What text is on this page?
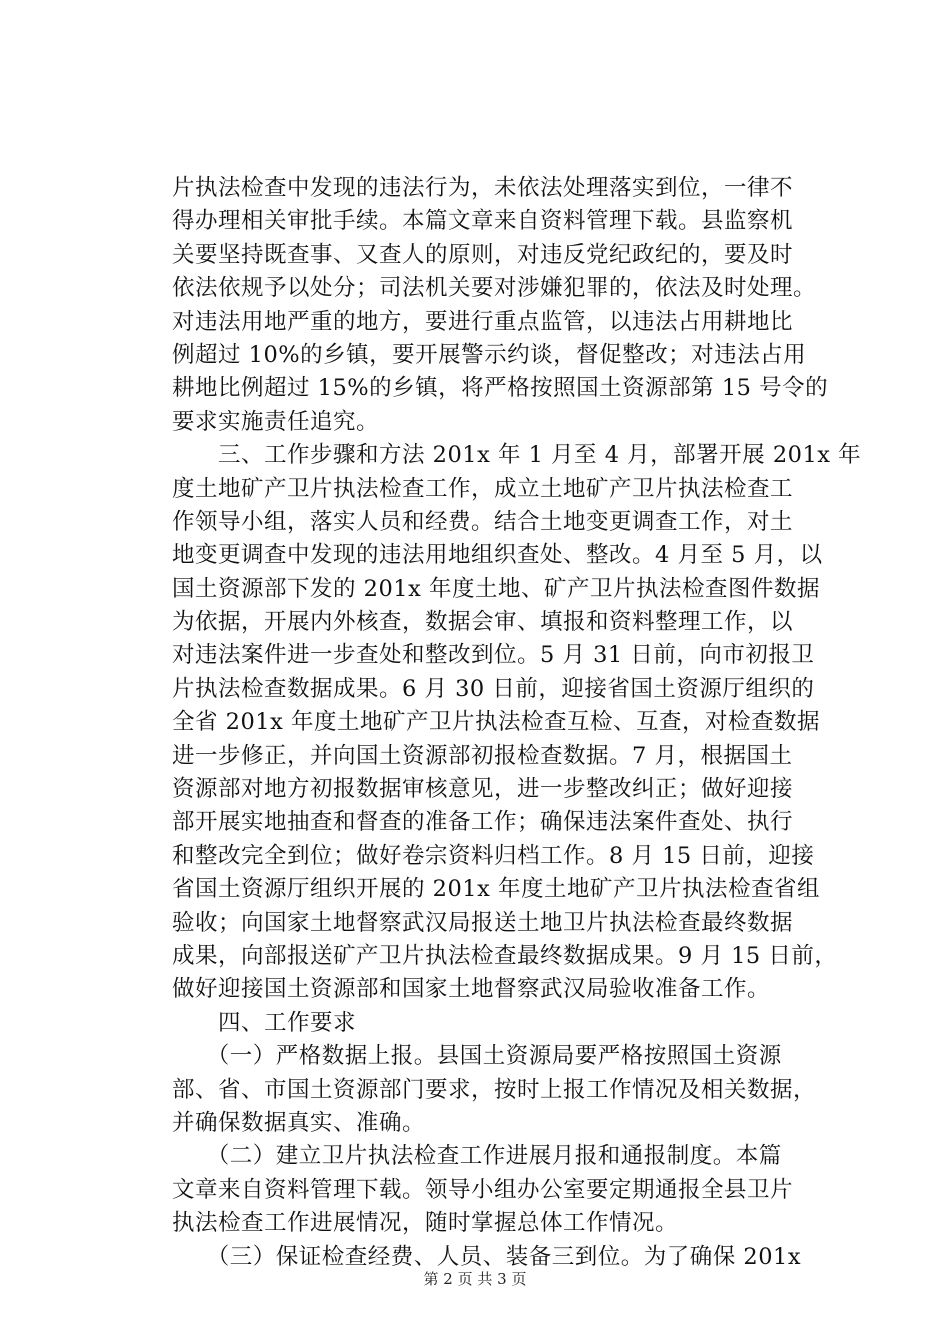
片执法检查中发现的违法行为，未依法处理落实到位，一律不
得办理相关审批手续。本篇文章来自资料管理下载。县监察机
关要坚持既查事、又查人的原则，对违反党纪政纪的，要及时
依法依规予以处分；司法机关要对涉嫌犯罪的，依法及时处理。
对违法用地严重的地方，要进行重点监管，以违法占用耕地比
例超过 10%的乡镇，要开展警示约谈，督促整改；对违法占用
耕地比例超过 15%的乡镇，将严格按照国土资源部第 15 号令的
要求实施责任追究。
　　三、工作步骤和方法 201x 年 1 月至 4 月，部署开展 201x 年
度土地矿产卫片执法检查工作，成立土地矿产卫片执法检查工
作领导小组，落实人员和经费。结合土地变更调查工作，对土
地变更调查中发现的违法用地组织查处、整改。4 月至 5 月，以
国土资源部下发的 201x 年度土地、矿产卫片执法检查图件数据
为依据，开展内外核查，数据会审、填报和资料整理工作，以
对违法案件进一步查处和整改到位。5 月 31 日前，向市初报卫
片执法检查数据成果。6 月 30 日前，迎接省国土资源厅组织的
全省 201x 年度土地矿产卫片执法检查互检、互查，对检查数据
进一步修正，并向国土资源部初报检查数据。7 月，根据国土
资源部对地方初报数据审核意见，进一步整改纠正；做好迎接
部开展实地抽查和督查的准备工作；确保违法案件查处、执行
和整改完全到位；做好卷宗资料归档工作。8 月 15 日前，迎接
省国土资源厅组织开展的 201x 年度土地矿产卫片执法检查省组
验收；向国家土地督察武汉局报送土地卫片执法检查最终数据
成果，向部报送矿产卫片执法检查最终数据成果。9 月 15 日前，
做好迎接国土资源部和国家土地督察武汉局验收准备工作。
　　四、工作要求
　　（一）严格数据上报。县国土资源局要严格按照国土资源
部、省、市国土资源部门要求，按时上报工作情况及相关数据，
并确保数据真实、准确。
　　（二）建立卫片执法检查工作进展月报和通报制度。本篇
文章来自资料管理下载。领导小组办公室要定期通报全县卫片
执法检查工作进展情况，随时掌握总体工作情况。
　　（三）保证检查经费、人员、装备三到位。为了确保 201x
第 2 页 共 3 页
